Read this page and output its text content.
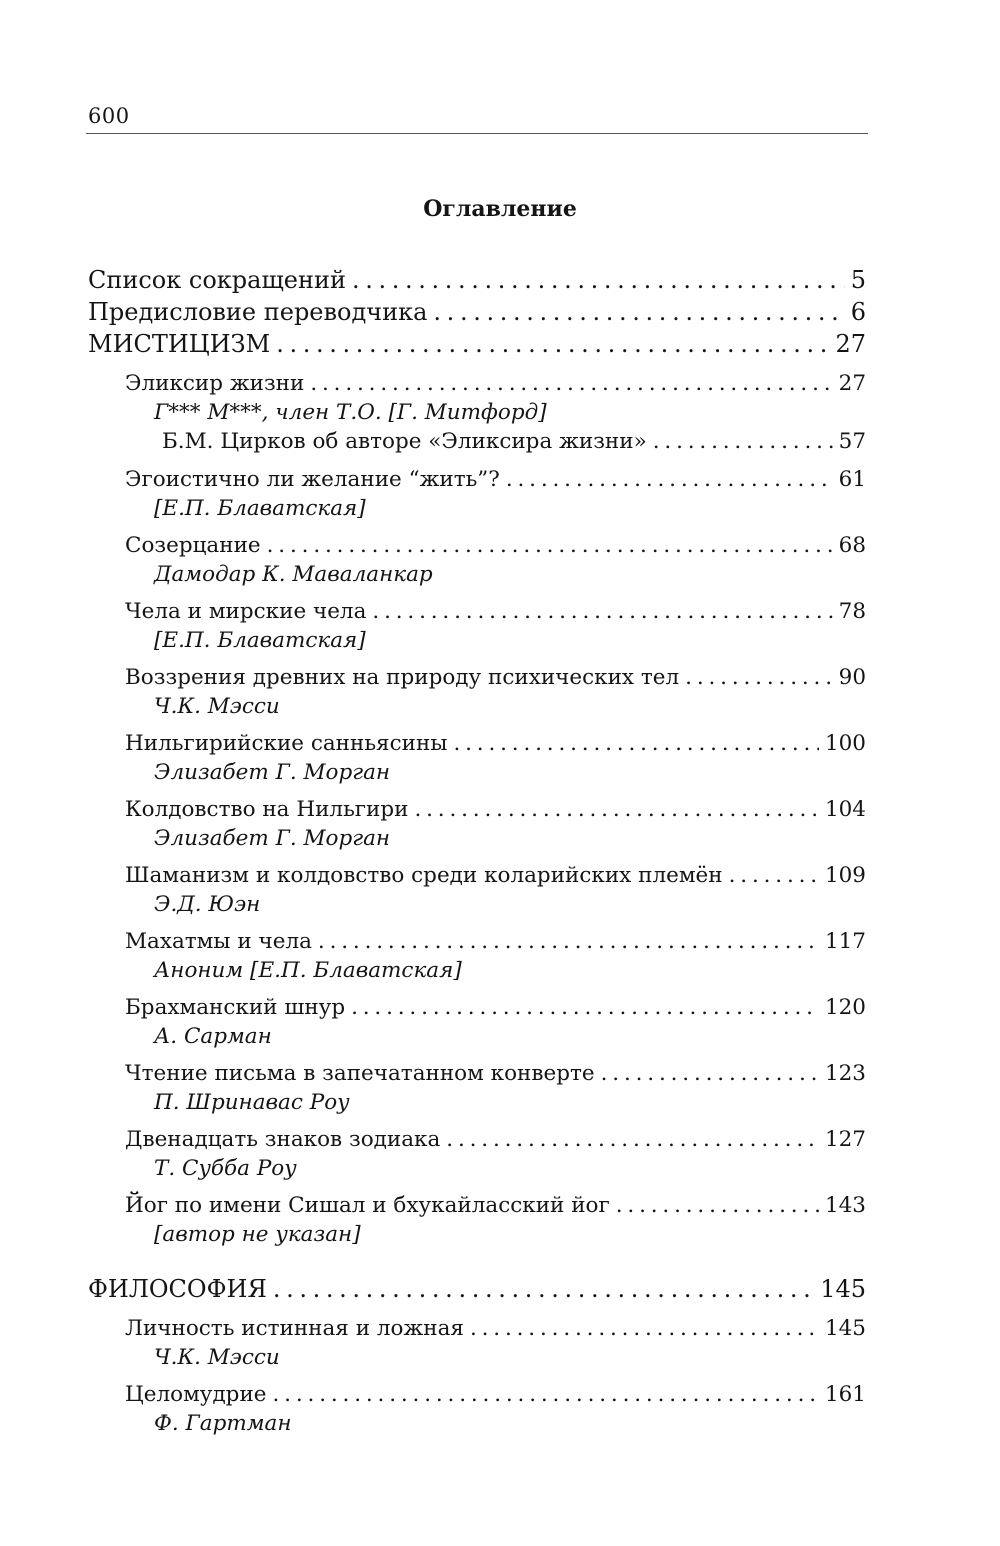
600
Оглавление
Список сокращений . . .	5
Предисловие переводчика . . .	6
МИСТИЦИЗМ . . .	27
Эликсир жизни . . .	27
Г*** М***, член Т.О. [Г. Митфорд]
Б.М. Цирков об авторе «Эликсира жизни» . . .	57
Эгоистично ли желание “жить”? . . .	61
[Е.П. Блаватская]
Созерцание . . .	68
Дамодар К. Маваланкар
Чела и мирские чела . . .	78
[Е.П. Блаватская]
Воззрения древних на природу психических тел . . .	90
Ч.К. Мэсси
Нильгирийские санньясины . . .	100
Элизабет Г. Морган
Колдовство на Нильгири . . .	104
Элизабет Г. Морган
Шаманизм и колдовство среди коларийских племён . . .	109
Э.Д. Юэн
Махатмы и чела . . .	117
Аноним [Е.П. Блаватская]
Брахманский шнур . . .	120
А. Сарман
Чтение письма в запечатанном конверте . . .	123
П. Шринавас Роу
Двенадцать знаков зодиака . . .	127
Т. Субба Роу
Йог по имени Сишал и бхукайласский йог . . .	143
[автор не указан]
ФИЛОСОФИЯ . . .	145
Личность истинная и ложная . . .	145
Ч.К. Мэсси
Целомудрие . . .	161
Ф. Гартман
